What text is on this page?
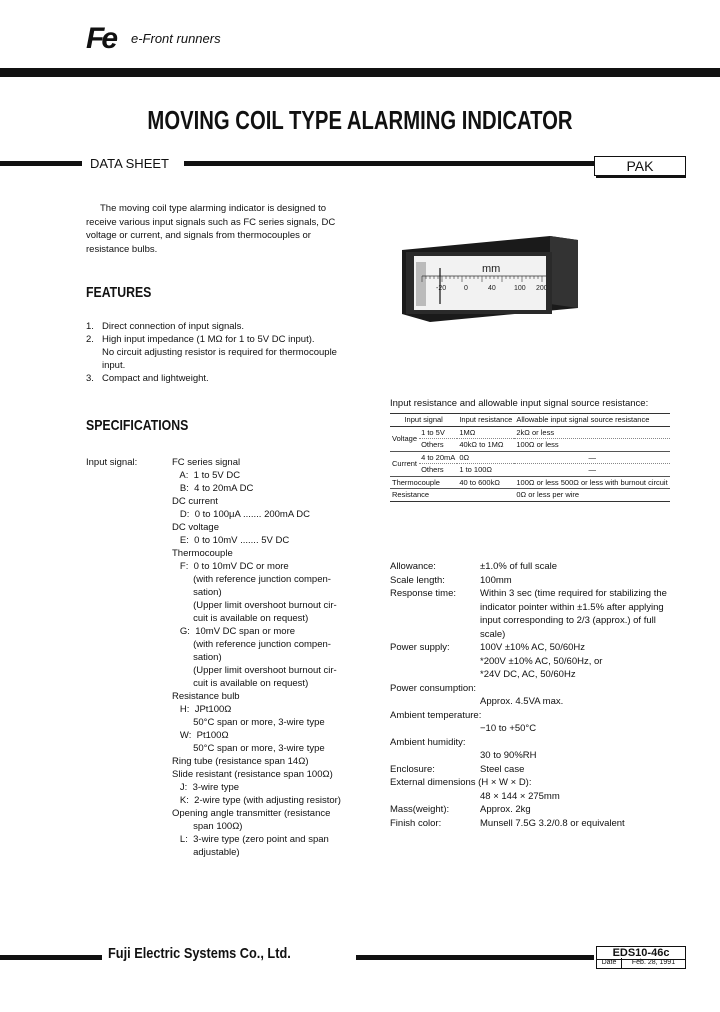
Fe e-Front runners
MOVING COIL TYPE ALARMING INDICATOR
DATA SHEET	PAK
The moving coil type alarming indicator is designed to receive various input signals such as FC series signals, DC voltage or current, and signals from thermocouples or resistance bulbs.
mm
-20	0	40	100 200
FEATURES
1. Direct connection of input signals.
2. High input impedance (1 MΩ for 1 to 5V DC input).
No circuit adjusting resistor is required for thermocouple
input.
3. Compact and lightweight.
SPECIFICATIONS
Input signal:	FC series signal
A:  1 to 5V DC
B:  4 to 20mA DC
DC current
D:  0 to 100μA ....... 200mA DC
DC voltage
E:  0 to 10mV ....... 5V DC
Thermocouple
F:  0 to 10mV DC or more
(with reference junction compen-
sation)
(Upper limit overshoot burnout cir-
cuit is available on request)
G:  10mV DC span or more
(with reference junction compen-
sation)
(Upper limit overshoot burnout cir-
cuit is available on request)
Resistance bulb
H:  JPt100Ω
50°C span or more, 3-wire type
W:  Pt100Ω
50°C span or more, 3-wire type
Ring tube (resistance span 14Ω)
Slide resistant (resistance span 100Ω)
J:  3-wire type
K:  2-wire type (with adjusting resistor)
Opening angle transmitter (resistance
span 100Ω)
L:  3-wire type (zero point and span
adjustable)
Input resistance and allowable input signal source resistance:
Input signal		Input resistance	Allowable input signal source resistance
Voltage	1 to 5V	1MΩ	2kΩ or less
	Others	40kΩ to 1MΩ	100Ω or less
Current	4 to 20mA	0Ω	—
	Others	1 to 100Ω	—
Thermocouple		40 to 600kΩ	100Ω or less 500Ω or less with burnout circuit
Resistance			0Ω or less per wire
Allowance:	±1.0% of full scale
Scale length:	100mm
Response time:	Within 3 sec (time required for stabilizing the indicator pointer within ±1.5% after applying input corresponding to 2/3 (approx.) of full scale)
Power supply:	100V ±10% AC, 50/60Hz
*200V ±10% AC, 50/60Hz, or
*24V DC, AC, 50/60Hz
Power consumption:
Approx. 4.5VA max.
Ambient temperature:
−10 to +50°C
Ambient humidity:
30 to 90%RH
Enclosure:	Steel case
External dimensions (H × W × D):
48 × 144 × 275mm
Mass(weight):	Approx. 2kg
Finish color:	Munsell 7.5G 3.2/0.8 or equivalent
Fuji Electric Systems Co., Ltd.	EDS10-46c
Date	Feb. 28, 1991
